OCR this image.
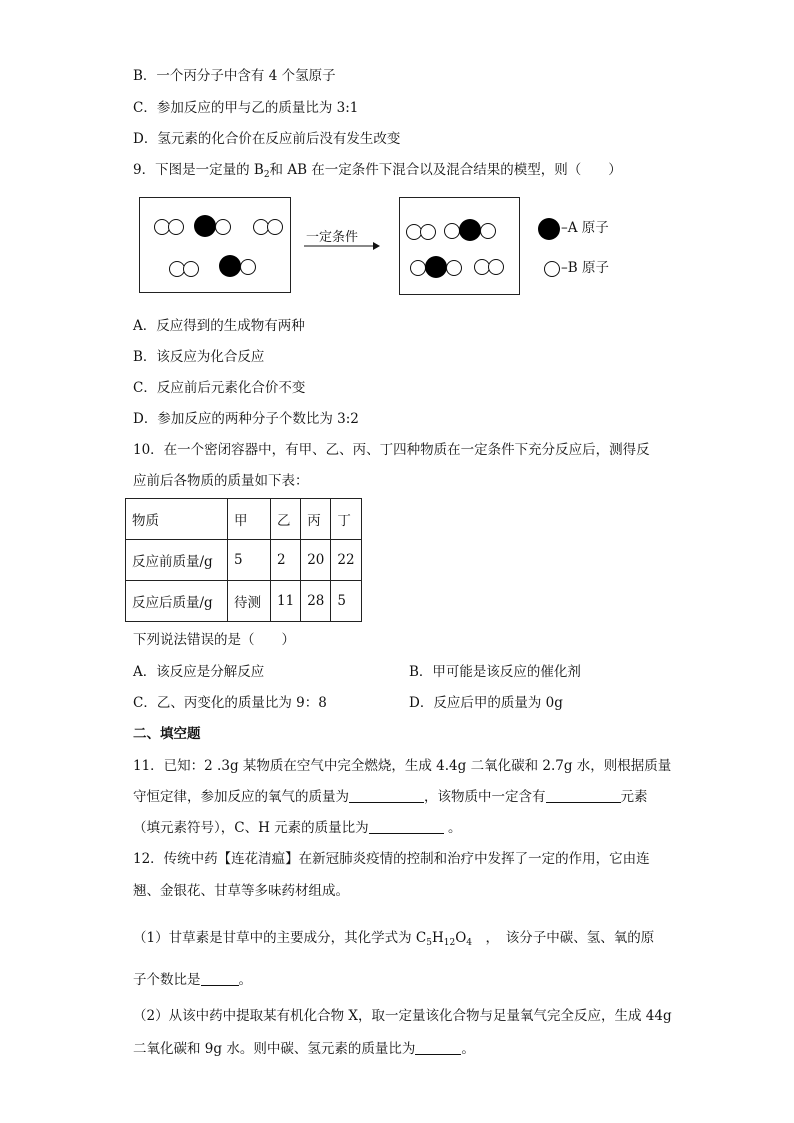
B．一个丙分子中含有 4 个氢原子
C．参加反应的甲与乙的质量比为 3:1
D．氢元素的化合价在反应前后没有发生改变
9．下图是一定量的 $B_2$和 AB 在一定条件下混合以及混合结果的模型，则（　　）
一定条件
–A 原子
–B 原子
A．反应得到的生成物有两种
B．该反应为化合反应
C．反应前后元素化合价不变
D．参加反应的两种分子个数比为 3:2
10．在一个密闭容器中，有甲、乙、丙、丁四种物质在一定条件下充分反应后，测得反
应前后各物质的质量如下表：
物质	甲	乙	丙	丁
反应前质量/g	5	2	20	22
反应后质量/g	待测	11	28	5
下列说法错误的是（　　）
A．该反应是分解反应	B．甲可能是该反应的催化剂
C．乙、丙变化的质量比为 9：8	D．反应后甲的质量为 0g
二、填空题
11．已知：2 .3g 某物质在空气中完全燃烧，生成 4.4g 二氧化碳和 2.7g 水，则根据质量
守恒定律，参加反应的氧气的质量为	，该物质中一定含有	元素
（填元素符号），C、H 元素的质量比为	。
12．传统中药【连花清瘟】在新冠肺炎疫情的控制和治疗中发挥了一定的作用，它由连
翘、金银花、甘草等多味药材组成。
（1）甘草素是甘草中的主要成分，其化学式为 $C_5H_{12}O_4$　，　该分子中碳、氢、氧的原
子个数比是	。
（2）从该中药中提取某有机化合物 X，取一定量该化合物与足量氧气完全反应，生成 44g
二氧化碳和 9g 水。则中碳、氢元素的质量比为	。
